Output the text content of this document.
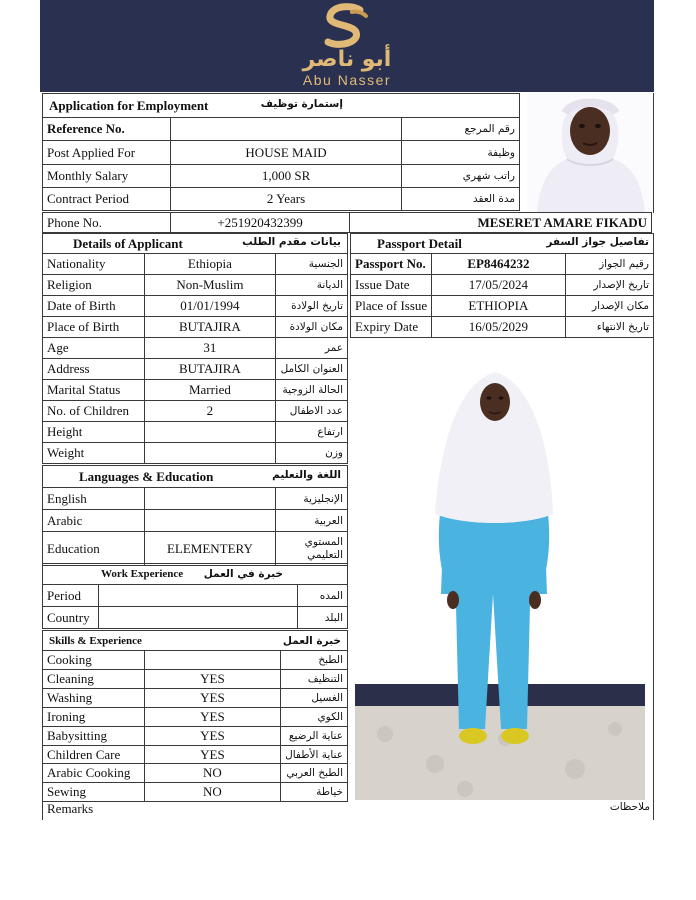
أبو ناصر
Abu Nasser
Application for Employment إستمارة توظيف		

Reference No.		رقم المرجع
Post Applied For	HOUSE MAID	وظيفة
Monthly Salary	1,000 SR	راتب شهري
Contract Period	2 Years	مدة العقد
Phone No.	+251920432399	MESERET AMARE FIKADU
Details of Applicant بيانات مقدم الطلب		

Nationality	Ethiopia	الجنسية
Religion	Non-Muslim	الديانة
Date of Birth	01/01/1994	تاريخ الولادة
Place of Birth	BUTAJIRA	مكان الولادة
Age	31	عمر
Address	BUTAJIRA	العنوان الكامل
Marital Status	Married	الحالة الزوجية
No. of Children	2	عدد الاطفال
Height		ارتفاع
Weight		وزن
Passport Detail تفاصيل جواز السفر		

Passport No.	EP8464232	رقيم الجواز
Issue Date	17/05/2024	تاريخ الإصدار
Place of Issue	ETHIOPIA	مكان الإصدار
Expiry Date	16/05/2029	تاريخ الانتهاء
Languages & Education اللغة والتعليم		

English		الإنجليزية
Arabic		العربية
Education	ELEMENTERY	المستوي التعليمي
Work Experience خبرة في العمل		

Period		المده
Country		البلد
Skills & Experience خبرة العمل		

Cooking		الطبخ
Cleaning	YES	التنظيف
Washing	YES	الغسيل
Ironing	YES	الكوي
Babysitting	YES	عناية الرضيع
Children Care	YES	عناية الأطفال
Arabic Cooking	NO	الطبخ العربي
Sewing	NO	خياطة
Remarks	ملاحظات
